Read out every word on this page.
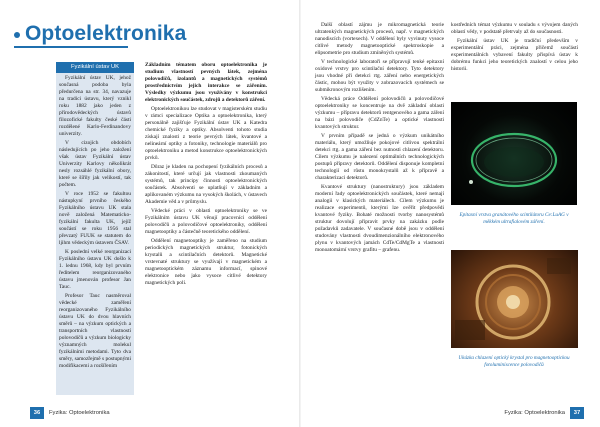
Optoelektronika
Fyzikální ústav UK

Fyzikální ústav UK, jehož současná podoba byla předurčena na str. 34, navazuje na tradici ústavu, který vznikl roku 1882 jako jeden z přírodovědeckých ústavů filozofické fakulty české části rozdělené Karlo-Ferdinandovy univerzity.

V cizojích obdobích následujících po jeho založení však ústav Fyzikální ústav Univerzity Karlovy několikrát nesly rozsáhlé fyzikální obory, které se šířily jak velikostí, tak počtem.

V roce 1952 se fakultou nástupkyní prvního českého Fyzikálního ústavu UK stala nově založená Matematicko-fyzikální fakulta UK, jejíž součástí se roku 1956 stal převzatý FUUK se statutem do ljihm vědeckým ústavem ČSAV.

K poslední velké reorganizaci Fyzikálního ústavu UK došlo k 1. lednu 1968, kdy byl prvním ředitelem reorganizovaného ústavu jmenován profesor Jan Tauc.

Profesor Tauc nasměroval vědecké zaměření reorganizovaného Fyzikálního ústavu UK do dvou hlavních směrů – na výzkum optických a transportních vlastností polovodičů a výzkum biologicky významných molekul fyzikálními metodami. Tyto dva směry, samozřejmě s postupnými modifikacemi a rozšířením

Základním tématem oboru optoelektronika je studium vlastností pevných látek, zejména polovodičů, izolantů a magnetických systémů prostřednictvím jejich interakce se zářením. Výsledky výzkumu jsou využívány v konstrukci elektronických součástek, zdrojů a detektorů záření.

Optoelektronikou lze studovat v magisterském studiu v rámci specializace Optika a optoelektronika, který personálně zajišťuje Fyzikální ústav UK a Katedra chemické fyziky a optiky. Absolventi tohoto studia získají znalosti z teorie pevných látek, kvantové a nelineární optiky a fotoniky, technologie materiálů pro optoelektroniku a metod konstrukce optoelektronických prvků.

Důraz je kladen na pochopení fyzikálních procesů a zákonitostí, které určují jak vlastnosti zkoumaných systémů, tak principy činnosti optoelektronických součástek. Absolventi se uplatňují v základním a aplikovaném výzkumu na vysokých školách, v ústavech Akademie věd a v průmyslu.

Vědecké práci v oblasti optoelektroniky se ve Fyzikálním ústavu UK věnují pracovníci oddělení polovodičů a polovodičové optoelektroniky, oddělení magnetooptiky a částečně teoretického oddělení.

Oddělení magnetooptiky je zaměřeno na studium periodických magnetických struktur, fotonických krystalů a scintilačních detektorů. Magnetické vrstevnaté struktury se využívají v magnetickém a magnetooptickém záznamu informací, spinové elektronice nebo jako vysoce citlivé detektory magnetických polí.

Další oblastí zájmu je mikromagnetická teorie ultratenkých magnetických procesů, např. v magnetických nanodiscích (vortexech). V oddělení byly vyvinuty vysoce citlivé metody magnetooptické spektroskopie a elipsometrie pro studium zmíněných systémů.

V technologické laboratoři se připravují tenké epitaxní oxidové vrstvy pro scintilační detektory. Tyto detektory jsou vhodné při detekci rtg. záření nebo energetických částic, mohou být využity v zobrazovacích systémech se submikronovým rozlišením.

Vědecká práce Oddělení polovodičů a polovodičové optoelektroniky se koncentruje na dvě základní oblasti výzkumu – přípravu detektorů rentgenového a gama záření na bázi polovodiče (CdZnTe) a optické vlastnosti kvantových struktur.

V prvním případě se jedná o výzkum unikátního materiálu, který umožňuje pokojové citlivou spektrální detekci rtg. a gama záření bez nutnosti chlazení detektoru. Cílem výzkumu je nalezení optimálních technologických postupů přípravy detektorů. Oddělení disponuje kompletní technologií od růstu monokrystalů až k přípravě a charakterizaci detektorů.

Kvantové struktury (nanostruktury) jsou základem moderní řady optoelektronických součástek, které nemají analogii v klasických materiálech. Cílem výzkumu je realizace experimentů, kterými lze ověřit předpovědi kvantové fyziky. Bohaté možnosti tvorby nanosystémů struktur dovolují připravit prvky na zakázku podle požadavků zadavatele. V současné době jsou v oddělení studovány vlastnosti dvoudimenzionálního elektronového plynu v kvantových jamách CdTe/CdMgTe a vlastnosti monoatomární vrstvy grafitu – grafenu.

kostředních témat výzkumu v souladu s vývojem daných oblastí vědy, v podstatě přetrvaly až do současnosti.

Fyzikální ústav UK je tradiční především v experimentální práci, zejména přičemž součástí experimentálních vybavení fakulty přispívá ústav k dobrému funkci jeho teoretických znalostí v celou jeho historii.

Epitaxní vrstva granátového scintilátoru Ce:LuAG v měkkém ultrafialovém záření.
Ukázka chlazení optický krystal pro magnetooptickou fotoluminiscence polovodičů
36	Fyzika: Optoelektronika	Fyzika: Optoelektronika	37
